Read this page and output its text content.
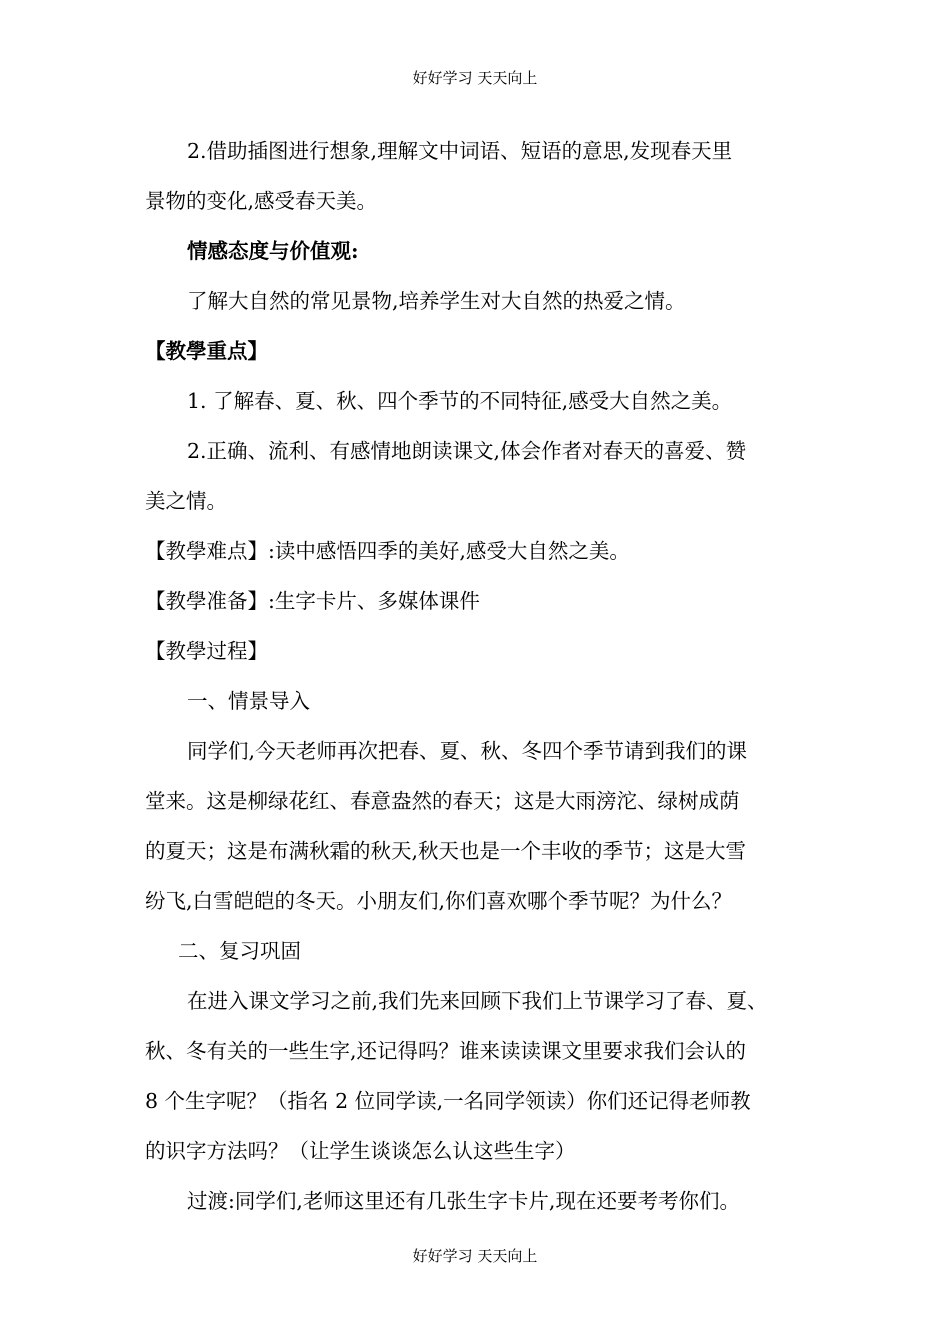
好好学习 天天向上
2.借助插图进行想象,理解文中词语、短语的意思,发现春天里
景物的变化,感受春天美。
情感态度与价值观:
了解大自然的常见景物,培养学生对大自然的热爱之情。
【教學重点】
1. 了解春、夏、秋、四个季节的不同特征,感受大自然之美。
2.正确、流利、有感情地朗读课文,体会作者对春天的喜爱、赞
美之情。
【教學难点】:读中感悟四季的美好,感受大自然之美。
【教學准备】:生字卡片、多媒体课件
【教學过程】
一、情景导入
同学们,今天老师再次把春、夏、秋、冬四个季节请到我们的课
堂来。这是柳绿花红、春意盎然的春天；这是大雨滂沱、绿树成荫
的夏天；这是布满秋霜的秋天,秋天也是一个丰收的季节；这是大雪
纷飞,白雪皑皑的冬天。小朋友们,你们喜欢哪个季节呢？为什么？
二、复习巩固
在进入课文学习之前,我们先来回顾下我们上节课学习了春、夏、
秋、冬有关的一些生字,还记得吗？谁来读读课文里要求我们会认的
8 个生字呢？（指名 2 位同学读,一名同学领读）你们还记得老师教
的识字方法吗？（让学生谈谈怎么认这些生字）
过渡:同学们,老师这里还有几张生字卡片,现在还要考考你们。
好好学习 天天向上
